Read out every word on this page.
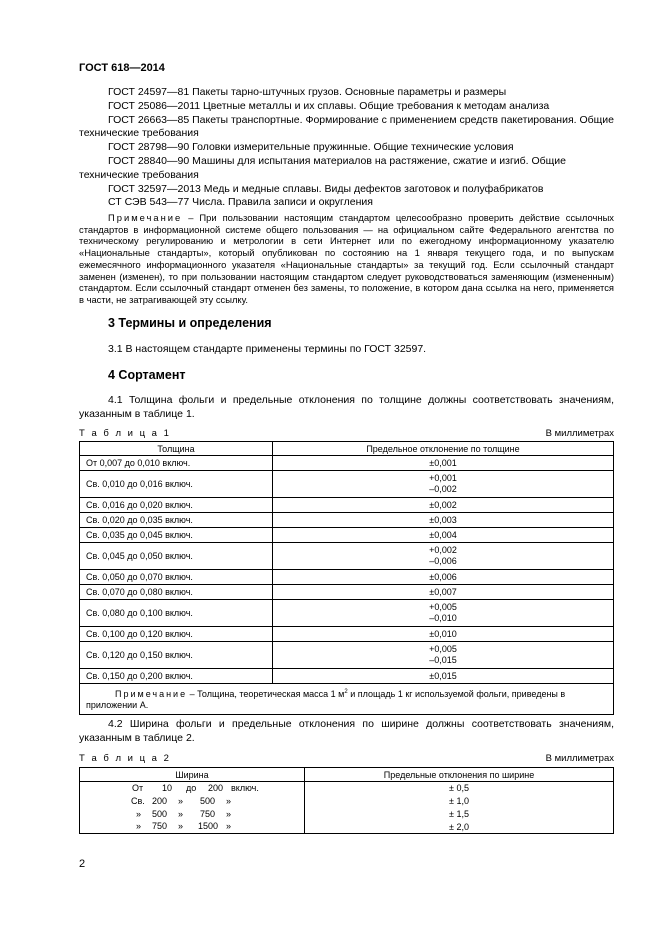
ГОСТ 618—2014

ГОСТ 24597—81 Пакеты тарно-штучных грузов. Основные параметры и размеры

ГОСТ 25086—2011 Цветные металлы и их сплавы. Общие требования к методам анализа

ГОСТ 26663—85 Пакеты транспортные. Формирование с применением средств пакетирования. Общие технические требования

ГОСТ 28798—90 Головки измерительные пружинные. Общие технические условия

ГОСТ 28840—90 Машины для испытания материалов на растяжение, сжатие и изгиб. Общие технические требования

ГОСТ 32597—2013 Медь и медные сплавы. Виды дефектов заготовок и полуфабрикатов

СТ СЭВ 543—77 Числа. Правила записи и округления

Примечание – При пользовании настоящим стандартом целесообразно проверить действие ссылочных стандартов в информационной системе общего пользования — на официальном сайте Федерального агентства по техническому регулированию и метрологии в сети Интернет или по ежегодному информационному указателю «Национальные стандарты», который опубликован по состоянию на 1 января текущего года, и по выпускам ежемесячного информационного указателя «Национальные стандарты» за текущий год. Если ссылочный стандарт заменен (изменен), то при пользовании настоящим стандартом следует руководствоваться заменяющим (измененным) стандартом. Если ссылочный стандарт отменен без замены, то положение, в котором дана ссылка на него, применяется в части, не затрагивающей эту ссылку.

3 Термины и определения

3.1 В настоящем стандарте применены термины по ГОСТ 32597.

4 Сортамент

4.1 Толщина фольги и предельные отклонения по толщине должны соответствовать значениям, указанным в таблице 1.

Т а б л и ц а 1	В миллиметрах
Толщина	Предельное отклонение по толщине
От 0,007 до 0,010 включ.	±0,001

Св. 0,010 до 0,016 включ.	+0,001
–0,002

Св. 0,016 до 0,020 включ.	±0,002

Св. 0,020 до 0,035 включ.	±0,003

Св. 0,035 до 0,045 включ.	±0,004

Св. 0,045 до 0,050 включ.	+0,002
–0,006

Св. 0,050 до 0,070 включ.	±0,006

Св. 0,070 до 0,080 включ.	±0,007

Св. 0,080 до 0,100 включ.	+0,005
–0,010

Св. 0,100 до 0,120 включ.	±0,010

Св. 0,120 до 0,150 включ.	+0,005
–0,015

Св. 0,150 до 0,200 включ.	±0,015

Примечание – Толщина, теоретическая масса 1 $м^2$ и площадь 1 кг используемой фольги, приведены в приложении А.	

4.2 Ширина фольги и предельные отклонения по ширине должны соответствовать значениям, указанным в таблице 2.

Т а б л и ц а 2	В миллиметрах
Ширина	Предельные отклонения по ширине

От 10 до 200 включ.	± 0,5

Св. 200 » 500 »	± 1,0

» 500 » 750 »	± 1,5

» 750 » 1500 »	± 2,0
2
